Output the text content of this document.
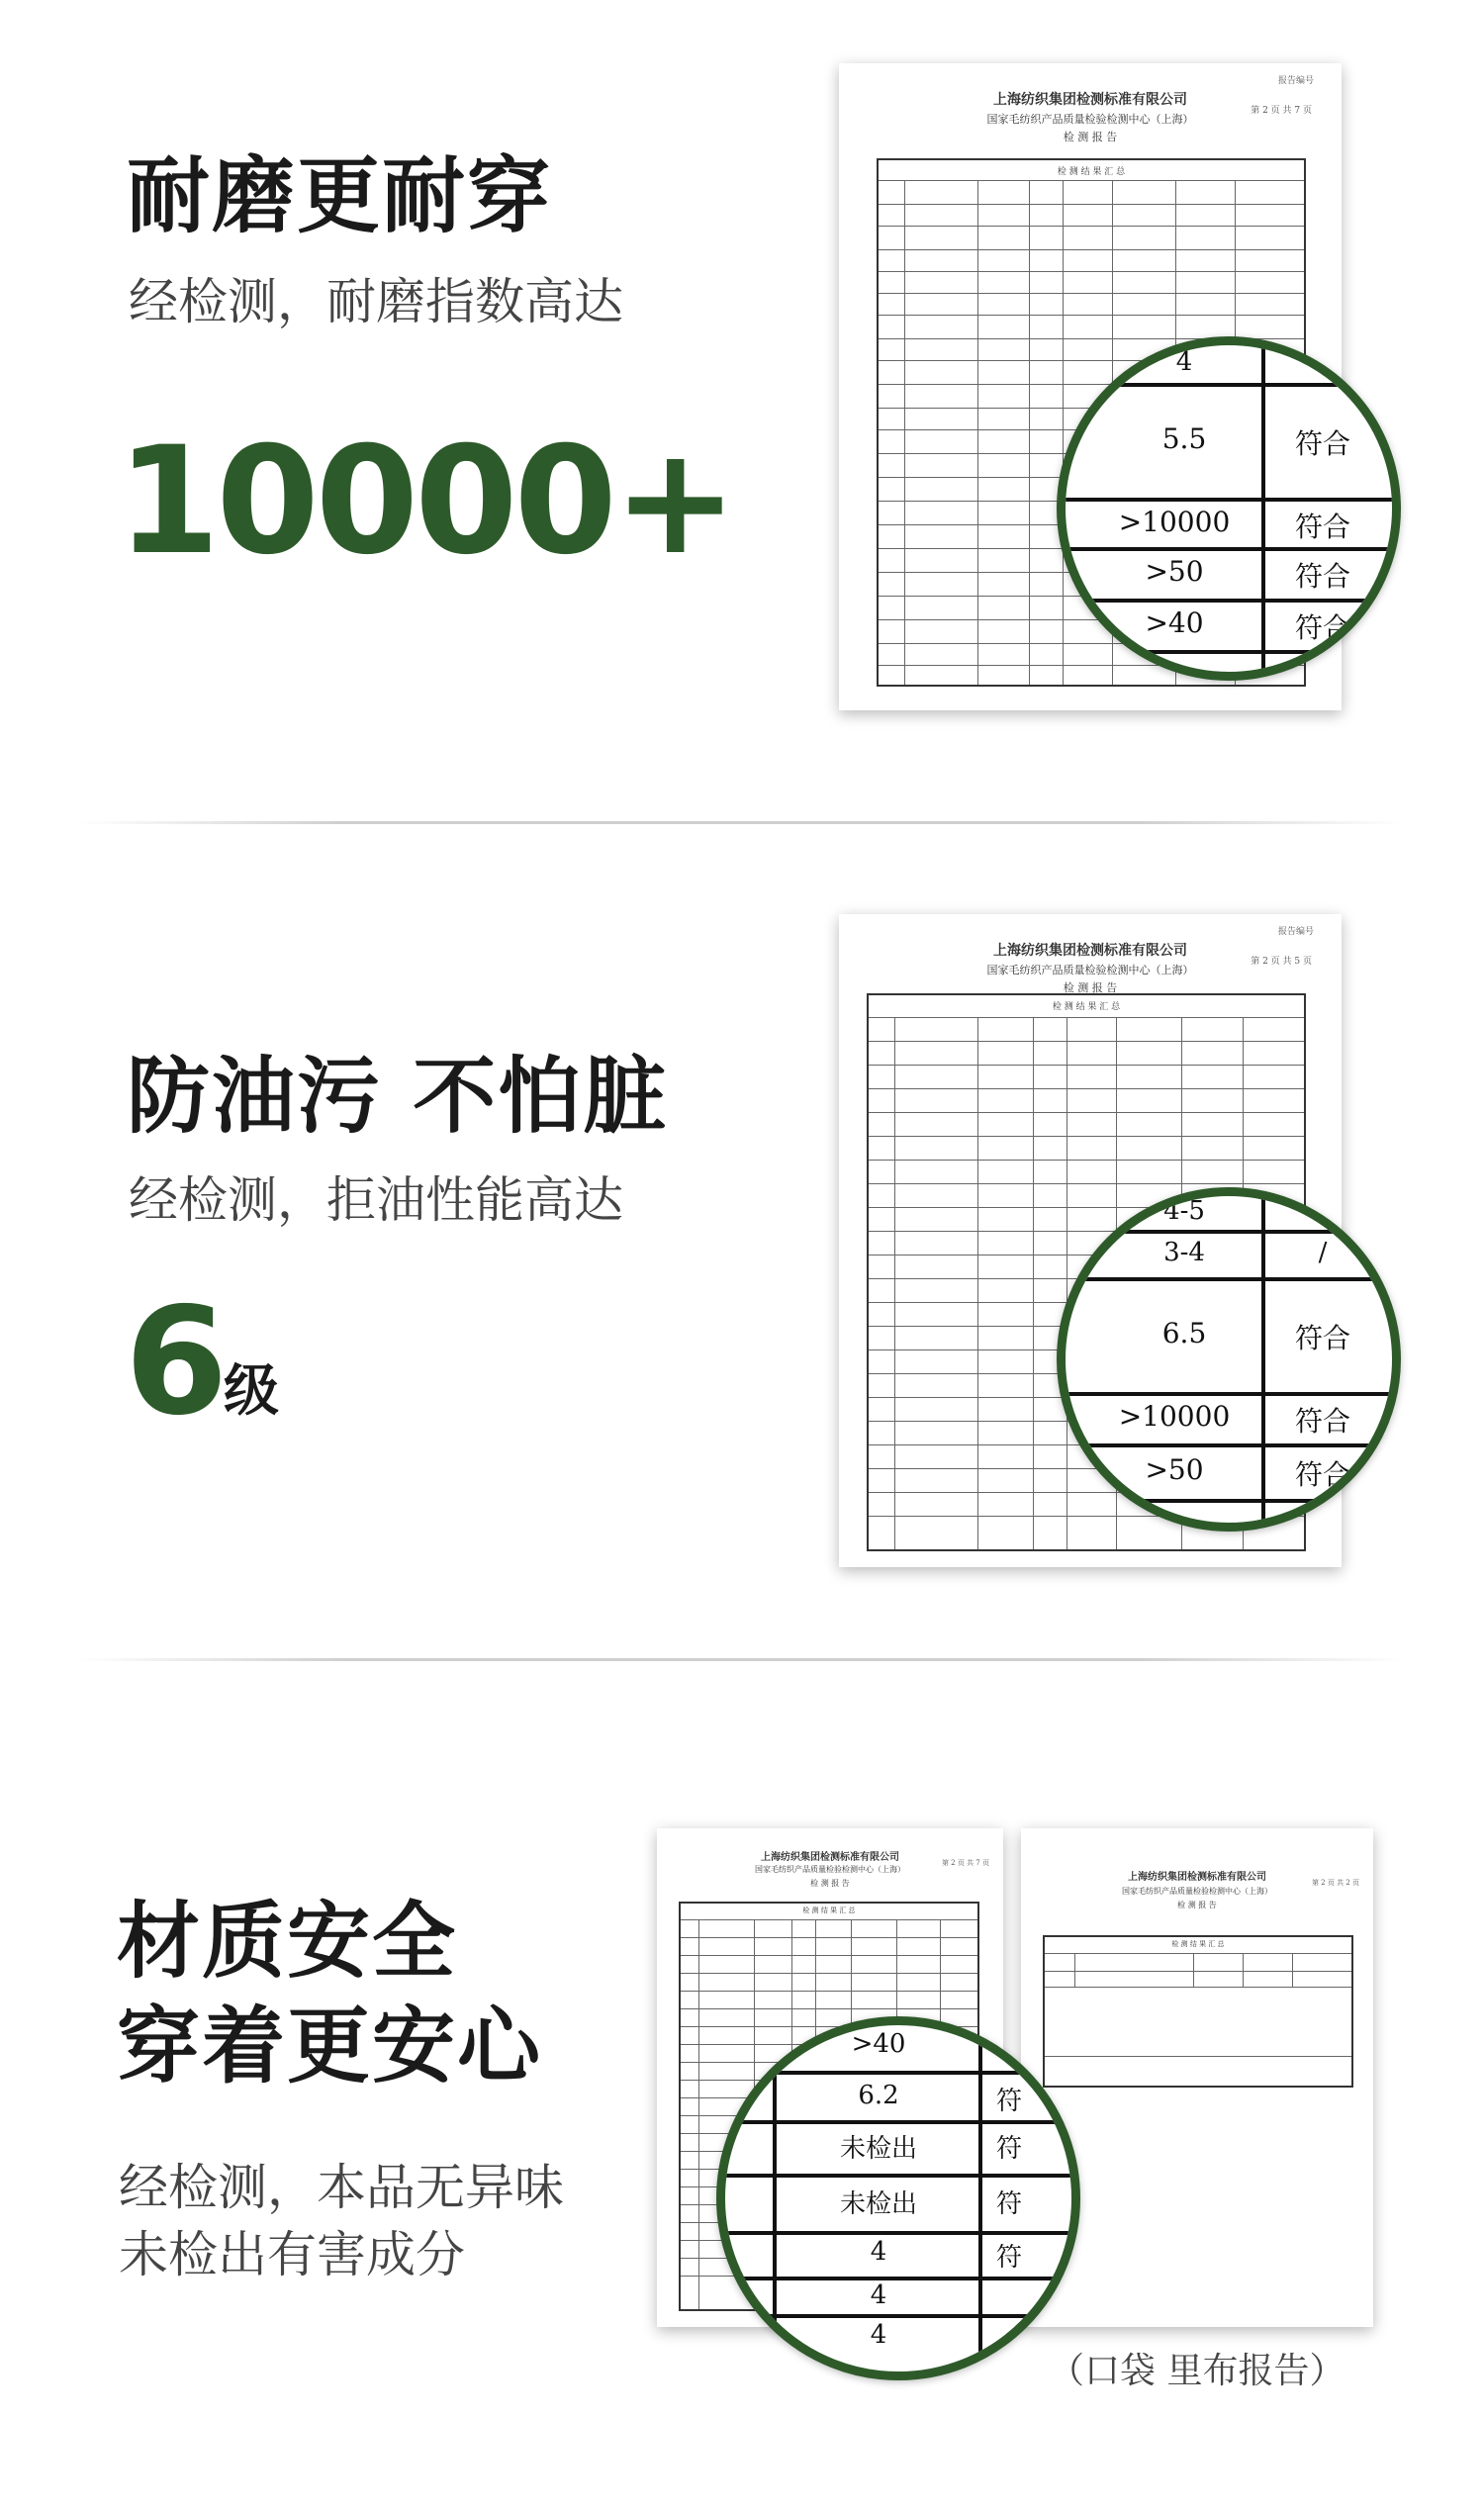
耐磨更耐穿
经检测，耐磨指数高达
10000+
报告编号
上海纺织集团检测标准有限公司
国家毛纺织产品质量检验检测中心（上海）
检 测 报 告
第 2 页 共 7 页
检 测 结 果 汇 总
4	/
5.5	符合
>10000	符合
>50	符合
>40	符合
防油污 不怕脏
经检测，拒油性能高达
6
级
报告编号
上海纺织集团检测标准有限公司
国家毛纺织产品质量检验检测中心（上海）
检 测 报 告
第 2 页 共 5 页
检 测 结 果 汇 总
4-5	/
3-4	/
6.5	符合
>10000	符合
>50	符合
材质安全
穿着更安心
经检测，本品无异味
未检出有害成分
上海纺织集团检测标准有限公司
国家毛纺织产品质量检验检测中心（上海）
检 测 报 告
第 2 页 共 7 页
检 测 结 果 汇 总
上海纺织集团检测标准有限公司
国家毛纺织产品质量检验检测中心（上海）
检 测 报 告
第 2 页 共 2 页
检 测 结 果 汇 总
（口袋 里布报告）
>40
6.2	符
未检出	符
未检出	符
4	符
4
4
